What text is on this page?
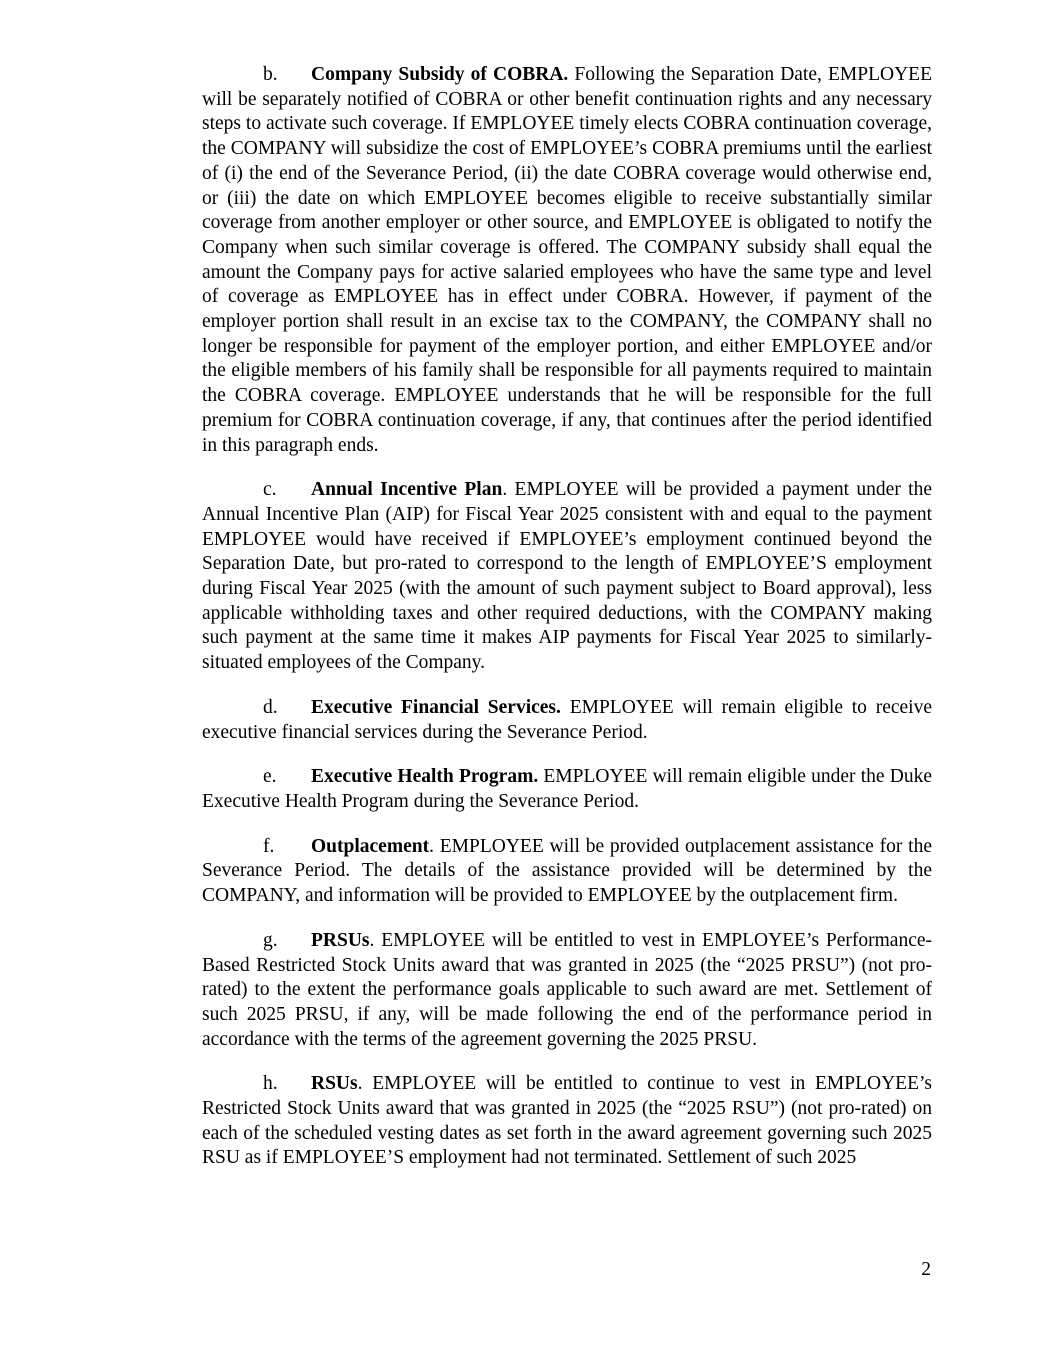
b. Company Subsidy of COBRA. Following the Separation Date, EMPLOYEE will be separately notified of COBRA or other benefit continuation rights and any necessary steps to activate such coverage. If EMPLOYEE timely elects COBRA continuation coverage, the COMPANY will subsidize the cost of EMPLOYEE’s COBRA premiums until the earliest of (i) the end of the Severance Period, (ii) the date COBRA coverage would otherwise end, or (iii) the date on which EMPLOYEE becomes eligible to receive substantially similar coverage from another employer or other source, and EMPLOYEE is obligated to notify the Company when such similar coverage is offered. The COMPANY subsidy shall equal the amount the Company pays for active salaried employees who have the same type and level of coverage as EMPLOYEE has in effect under COBRA. However, if payment of the employer portion shall result in an excise tax to the COMPANY, the COMPANY shall no longer be responsible for payment of the employer portion, and either EMPLOYEE and/or the eligible members of his family shall be responsible for all payments required to maintain the COBRA coverage. EMPLOYEE understands that he will be responsible for the full premium for COBRA continuation coverage, if any, that continues after the period identified in this paragraph ends.

c. Annual Incentive Plan. EMPLOYEE will be provided a payment under the Annual Incentive Plan (AIP) for Fiscal Year 2025 consistent with and equal to the payment EMPLOYEE would have received if EMPLOYEE’s employment continued beyond the Separation Date, but pro-rated to correspond to the length of EMPLOYEE’S employment during Fiscal Year 2025 (with the amount of such payment subject to Board approval), less applicable withholding taxes and other required deductions, with the COMPANY making such payment at the same time it makes AIP payments for Fiscal Year 2025 to similarly-situated employees of the Company.

d. Executive Financial Services. EMPLOYEE will remain eligible to receive executive financial services during the Severance Period.

e. Executive Health Program. EMPLOYEE will remain eligible under the Duke Executive Health Program during the Severance Period.

f. Outplacement. EMPLOYEE will be provided outplacement assistance for the Severance Period. The details of the assistance provided will be determined by the COMPANY, and information will be provided to EMPLOYEE by the outplacement firm.

g. PRSUs. EMPLOYEE will be entitled to vest in EMPLOYEE’s Performance-Based Restricted Stock Units award that was granted in 2025 (the “2025 PRSU”) (not pro-rated) to the extent the performance goals applicable to such award are met. Settlement of such 2025 PRSU, if any, will be made following the end of the performance period in accordance with the terms of the agreement governing the 2025 PRSU.

h. RSUs. EMPLOYEE will be entitled to continue to vest in EMPLOYEE’s Restricted Stock Units award that was granted in 2025 (the “2025 RSU”) (not pro-rated) on each of the scheduled vesting dates as set forth in the award agreement governing such 2025 RSU as if EMPLOYEE’S employment had not terminated. Settlement of such 2025

2
